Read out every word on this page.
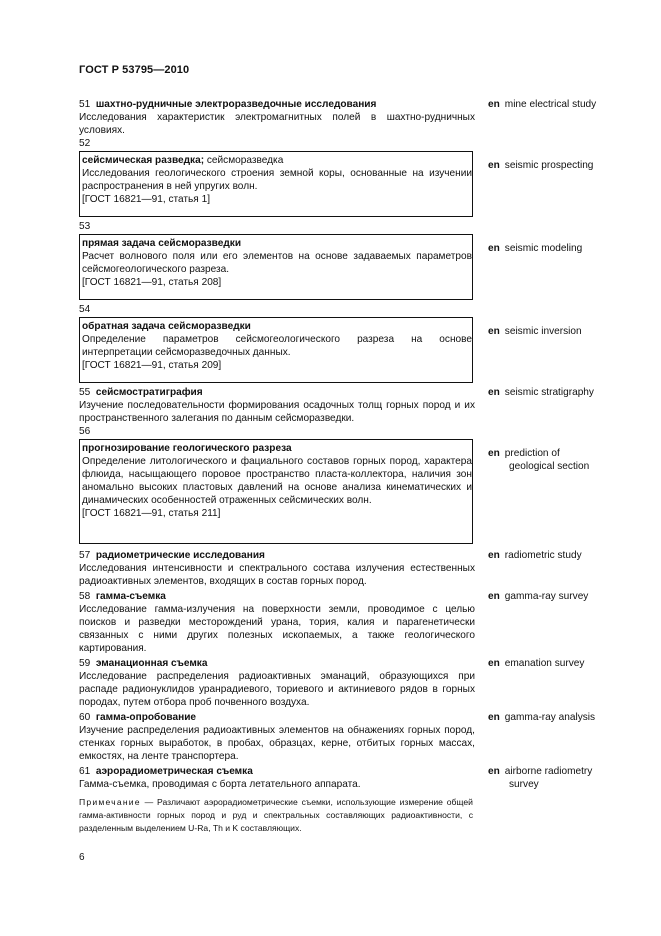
ГОСТ Р 53795—2010
51 шахтно-рудничные электроразведочные исследования
Исследования характеристик электромагнитных полей в шахтно-рудничных условиях.
en mine electrical study
52
сейсмическая разведка; сейсморазведка
Исследования геологического строения земной коры, основанные на изучении распространения в ней упругих волн.
[ГОСТ 16821—91, статья 1]
en seismic prospecting
53
прямая задача сейсморазведки
Расчет волнового поля или его элементов на основе задаваемых параметров сейсмогеологического разреза.
[ГОСТ 16821—91, статья 208]
en seismic modeling
54
обратная задача сейсморазведки
Определение параметров сейсмогеологического разреза на основе интерпретации сейсморазведочных данных.
[ГОСТ 16821—91, статья 209]
en seismic inversion
55 сейсмостратиграфия
Изучение последовательности формирования осадочных толщ горных пород и их пространственного залегания по данным сейсморазведки.
en seismic stratigraphy
56
прогнозирование геологического разреза
Определение литологического и фациального составов горных пород, характера флюида, насыщающего поровое пространство пласта-коллектора, наличия зон аномально высоких пластовых давлений на основе анализа кинематических и динамических особенностей отраженных сейсмических волн.
[ГОСТ 16821—91, статья 211]
en prediction of
geological section
57 радиометрические исследования
Исследования интенсивности и спектрального состава излучения естественных радиоактивных элементов, входящих в состав горных пород.
en radiometric study
58 гамма-съемка
Исследование гамма-излучения на поверхности земли, проводимое с целью поисков и разведки месторождений урана, тория, калия и парагенетически связанных с ними других полезных ископаемых, а также геологического картирования.
en gamma-ray survey
59 эманационная съемка
Исследование распределения радиоактивных эманаций, образующихся при распаде радионуклидов уранрадиевого, ториевого и актиниевого рядов в горных породах, путем отбора проб почвенного воздуха.
en emanation survey
60 гамма-опробование
Изучение распределения радиоактивных элементов на обнажениях горных пород, стенках горных выработок, в пробах, образцах, керне, отбитых горных массах, емкостях, на ленте транспортера.
en gamma-ray analysis
61 аэрорадиометрическая съемка
Гамма-съемка, проводимая с борта летательного аппарата.
en airborne radiometry
survey
Примечание — Различают аэрорадиометрические съемки, использующие измерение общей гамма-активности горных пород и руд и спектральных составляющих радиоактивности, с разделенным выделением U-Ra, Th и K составляющих.
6
